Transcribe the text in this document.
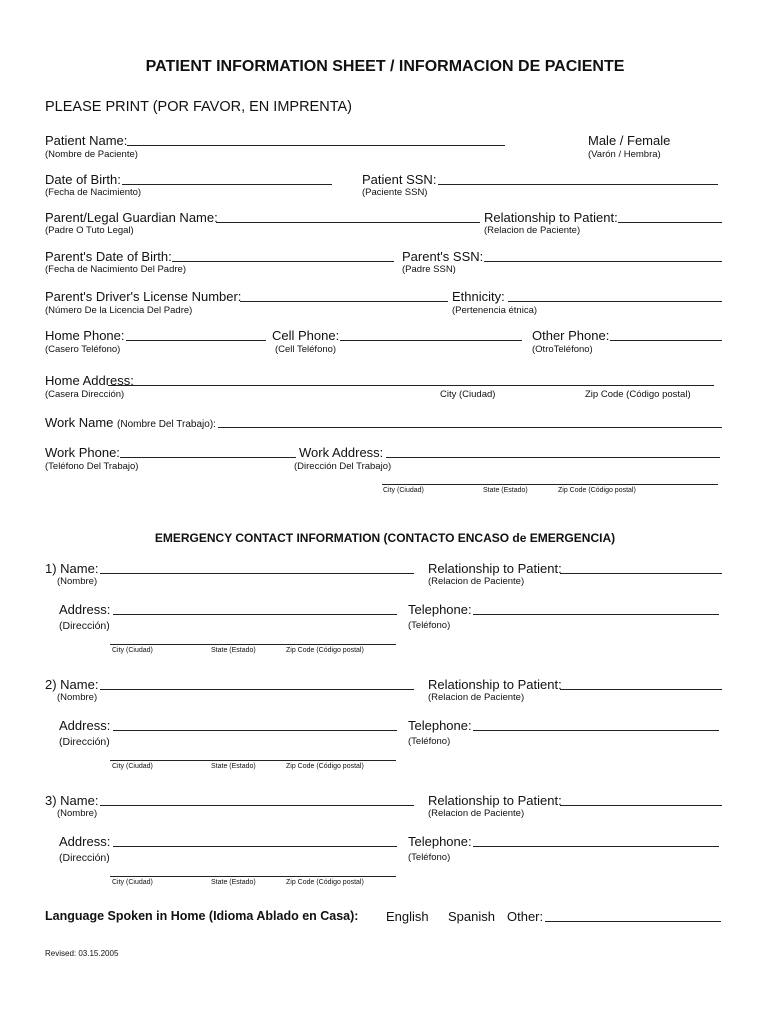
PATIENT INFORMATION SHEET / INFORMACION DE PACIENTE
PLEASE PRINT (POR FAVOR, EN IMPRENTA)
Patient Name:
(Nombre de Paciente)
Male / Female
(Varón / Hembra)
Date of Birth:
(Fecha de Nacimiento)
Patient SSN:
(Paciente SSN)
Parent/Legal Guardian Name:
(Padre O Tuto Legal)
Relationship to Patient:
(Relacion de Paciente)
Parent's Date of Birth:
(Fecha de Nacimiento Del Padre)
Parent's SSN:
(Padre SSN)
Parent's Driver's License Number:
(Número De la Licencia Del Padre)
Ethnicity:
(Pertenencia étnica)
Home Phone:
(Casero Teléfono)
Cell Phone:
(Cell Teléfono)
Other Phone:
(OtroTeléfono)
Home Address:
(Casera Dirección)	City (Ciudad)	Zip Code (Código postal)
Work Name (Nombre Del Trabajo):
Work Phone:
(Teléfono Del Trabajo)
Work Address:
(Dirección Del Trabajo)
City (Ciudad)	State (Estado)	Zip Code (Código postal)
EMERGENCY CONTACT INFORMATION (CONTACTO ENCASO de EMERGENCIA)
1) Name:
(Nombre)
Relationship to Patient:
(Relacion de Paciente)
Address:
(Dirección)
Telephone:
(Teléfono)
City (Ciudad)	State (Estado)	Zip Code (Código postal)
2) Name:
(Nombre)
Relationship to Patient:
(Relacion de Paciente)
Address:
(Dirección)
Telephone:
(Teléfono)
City (Ciudad)	State (Estado)	Zip Code (Código postal)
3) Name:
(Nombre)
Relationship to Patient:
(Relacion de Paciente)
Address:
(Dirección)
Telephone:
(Teléfono)
City (Ciudad)	State (Estado)	Zip Code (Código postal)
Language Spoken in Home (Idioma Ablado en Casa): English Spanish Other:
Revised: 03.15.2005
